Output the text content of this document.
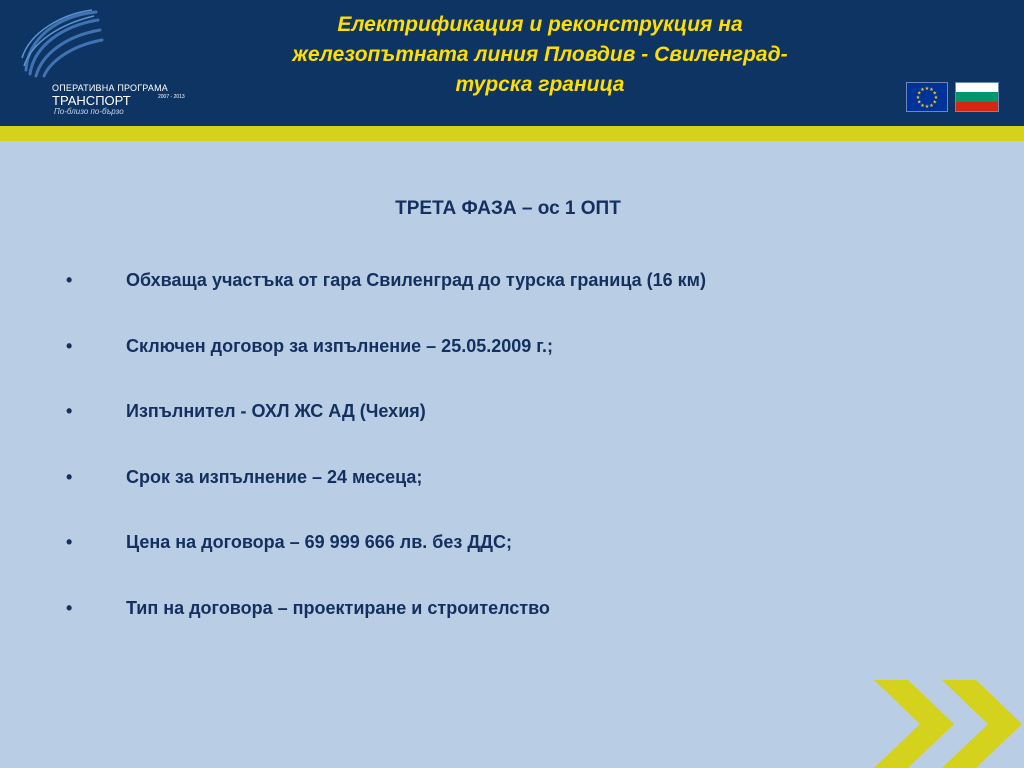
ОПЕРАТИВНА ПРОГРАМА
ТРАНСПОРТ	2007 - 2013
По-близо по-бързо
Електрификация и реконструкция на
железопътната линия Пловдив - Свиленград-
турска граница	★ ★
★
★
★
★
★
★
★
★
★
★
ТРЕТА ФАЗА – ос 1 ОПТ
•	Обхваща участъка от гара Свиленград до турска граница (16 км)
•	Сключен договор за изпълнение – 25.05.2009 г.;
•	Изпълнител - ОХЛ ЖС АД (Чехия)
•	Срок за изпълнение – 24 месеца;
•	Цена на договора – 69 999 666 лв. без ДДС;
•	Тип на договора – проектиране и строителство
